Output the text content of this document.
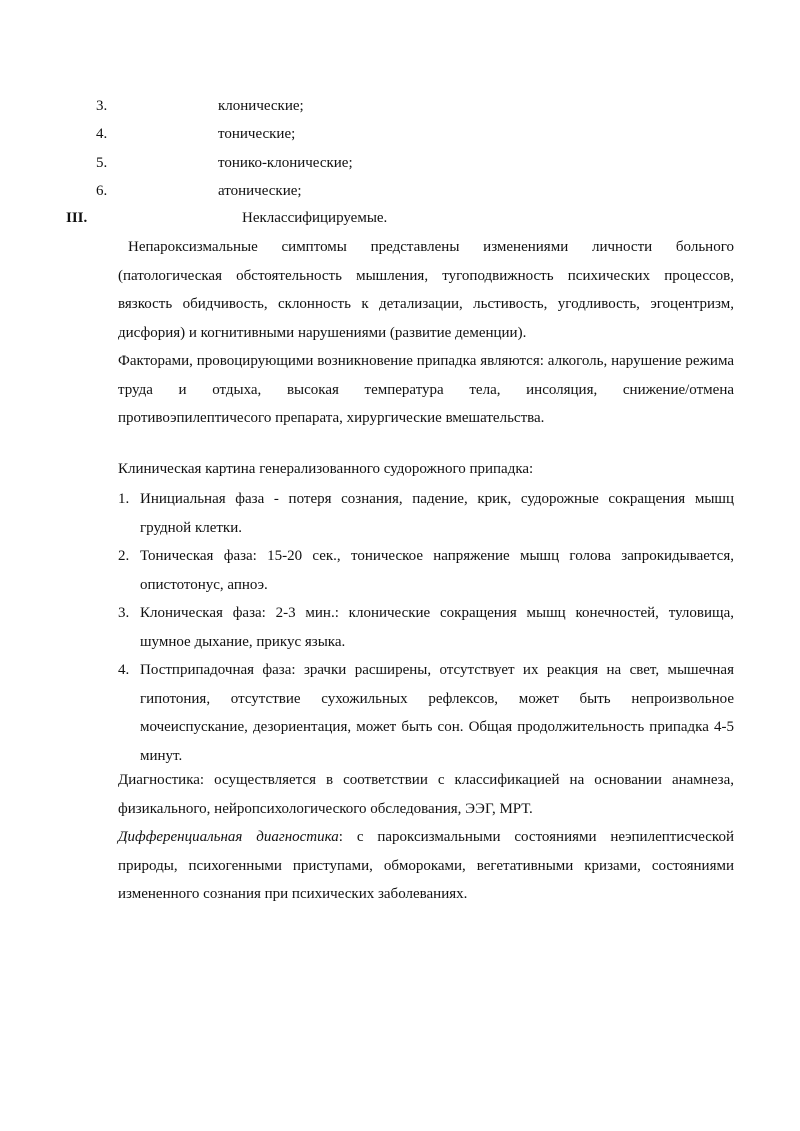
3.	клонические;
4.	тонические;
5.	тонико-клонические;
6.	атонические;
III.	Неклассифицируемые.

Непароксизмальные симптомы представлены изменениями личности больного (патологическая обстоятельность мышления, тугоподвижность психических процессов, вязкость обидчивость, склонность к детализации, льстивость, угодливость, эгоцентризм, дисфория) и когнитивными нарушениями (развитие деменции).

Факторами, провоцирующими возникновение припадка являются: алкоголь, нарушение режима труда и отдыха, высокая температура тела, инсоляция, снижение/отмена противоэпилептичесого препарата, хирургические вмешательства.

Клиническая картина генерализованного судорожного припадка:
1. Инициальная фаза - потеря сознания, падение, крик, судорожные сокращения мышц грудной клетки.
2. Тоническая фаза: 15-20 сек., тоническое напряжение мышц голова запрокидывается, опистотонус, апноэ.
3. Клоническая фаза: 2-3 мин.: клонические сокращения мышц конечностей, туловища, шумное дыхание, прикус языка.
4. Постприпадочная фаза: зрачки расширены, отсутствует их реакция на свет, мышечная гипотония, отсутствие сухожильных рефлексов, может быть непроизвольное мочеиспускание, дезориентация, может быть сон. Общая продолжительность припадка 4-5 минут.

Диагностика: осуществляется в соответствии с классификацией на основании анамнеза, физикального, нейропсихологического обследования, ЭЭГ, МРТ.

Дифференциальная диагностика: с пароксизмальными состояниями неэпилептисческой природы, психогенными приступами, обмороками, вегетативными кризами, состояниями измененного сознания при психических заболеваниях.
